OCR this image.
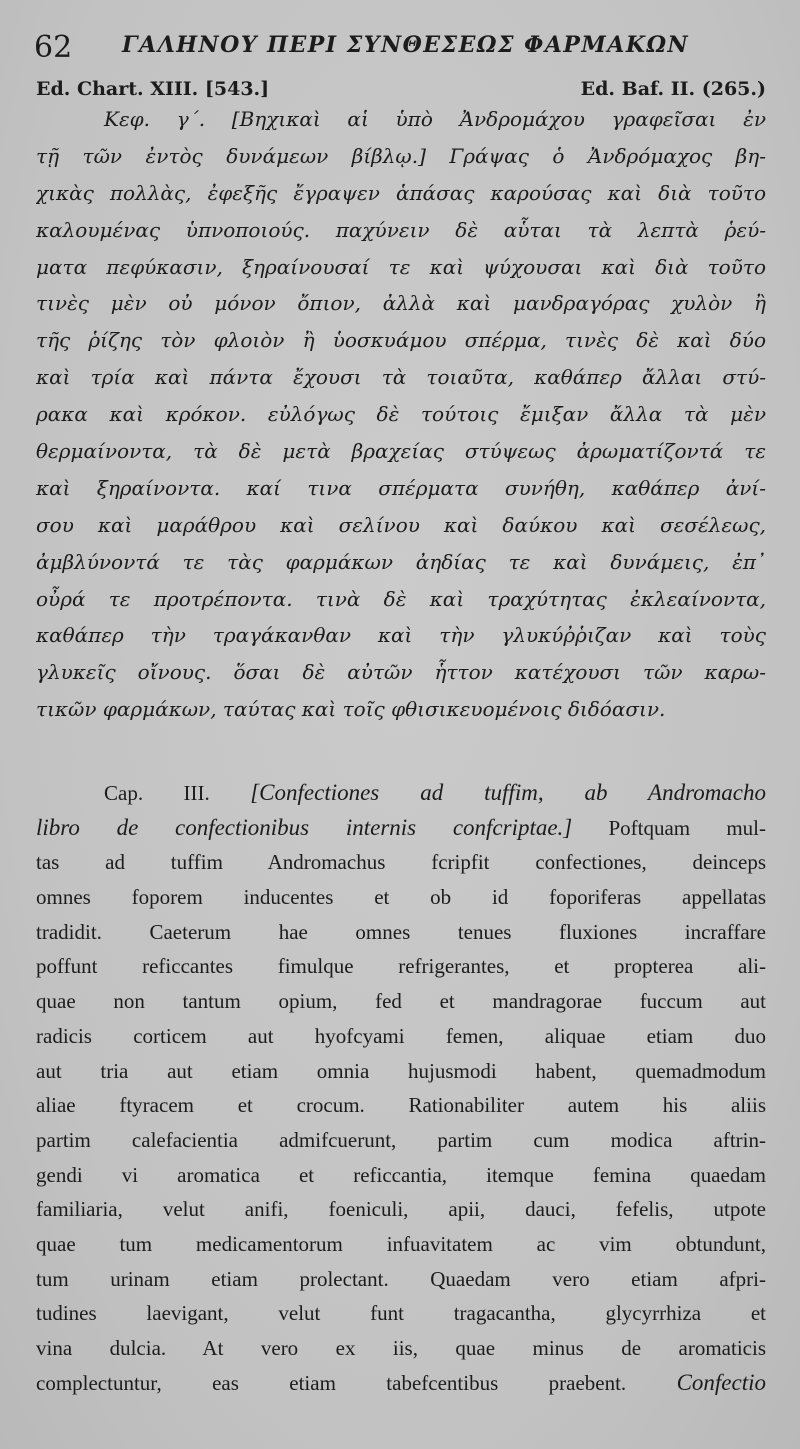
62 ΓΑΛΗΝΟΥ ΠΕΡΙ ΣΥΝΘΕΣΕΩΣ ΦΑΡΜΑΚΩΝ
Ed. Chart. XIII. [543.]	Ed. Baf. II. (265.)
Κεφ. γ΄. [Βηχικαὶ αἱ ὑπὸ Ἀνδρομάχου γραφεῖσαι ἐν
τῇ τῶν ἐντὸς δυνάμεων βίβλῳ.] Γράψας ὁ Ἀνδρόμαχος βη-
χικὰς πολλὰς, ἐφεξῆς ἔγραψεν ἁπάσας καρούσας καὶ διὰ τοῦτο
καλουμένας ὑπνοποιούς. παχύνειν δὲ αὗται τὰ λεπτὰ ῥεύ-
ματα πεφύκασιν, ξηραίνουσαί τε καὶ ψύχουσαι καὶ διὰ τοῦτο
τινὲς μὲν οὐ μόνον ὄπιον, ἀλλὰ καὶ μανδραγόρας χυλὸν ἢ
τῆς ῥίζης τὸν φλοιὸν ἢ ὑοσκυάμου σπέρμα, τινὲς δὲ καὶ δύο
καὶ τρία καὶ πάντα ἔχουσι τὰ τοιαῦτα, καθάπερ ἄλλαι στύ-
ρακα καὶ κρόκον. εὐλόγως δὲ τούτοις ἔμιξαν ἄλλα τὰ μὲν
θερμαίνοντα, τὰ δὲ μετὰ βραχείας στύψεως ἀρωματίζοντά τε
καὶ ξηραίνοντα. καί τινα σπέρματα συνήθη, καθάπερ ἀνί-
σου καὶ μαράθρου καὶ σελίνου καὶ δαύκου καὶ σεσέλεως,
ἀμβλύνοντά τε τὰς φαρμάκων ἀηδίας τε καὶ δυνάμεις, ἐπ᾽
οὖρά τε προτρέποντα. τινὰ δὲ καὶ τραχύτητας ἐκλεαίνοντα,
καθάπερ τὴν τραγάκανθαν καὶ τὴν γλυκύῤῥιζαν καὶ τοὺς
γλυκεῖς οἴνους. ὅσαι δὲ αὐτῶν ἧττον κατέχουσι τῶν καρω-
τικῶν φαρμάκων, ταύτας καὶ τοῖς φθισικευομένοις διδόασιν.
Cap. III. [Confectiones ad tuffim, ab Andromacho
libro de confectionibus internis confcriptae.] Poftquam mul-
tas ad tuffim Andromachus fcripfit confectiones, deinceps
omnes foporem inducentes et ob id foporiferas appellatas
tradidit. Caeterum hae omnes tenues fluxiones incraffare
poffunt reficcantes fimulque refrigerantes, et propterea ali-
quae non tantum opium, fed et mandragorae fuccum aut
radicis corticem aut hyofcyami femen, aliquae etiam duo
aut tria aut etiam omnia hujusmodi habent, quemadmodum
aliae ftyracem et crocum. Rationabiliter autem his aliis
partim calefacientia admifcuerunt, partim cum modica aftrin-
gendi vi aromatica et reficcantia, itemque femina quaedam
familiaria, velut anifi, foeniculi, apii, dauci, fefelis, utpote
quae tum medicamentorum infuavitatem ac vim obtundunt,
tum urinam etiam prolectant. Quaedam vero etiam afpri-
tudines laevigant, velut funt tragacantha, glycyrrhiza et
vina dulcia. At vero ex iis, quae minus de aromaticis
complectuntur, eas etiam tabefcentibus praebent. Confectio
